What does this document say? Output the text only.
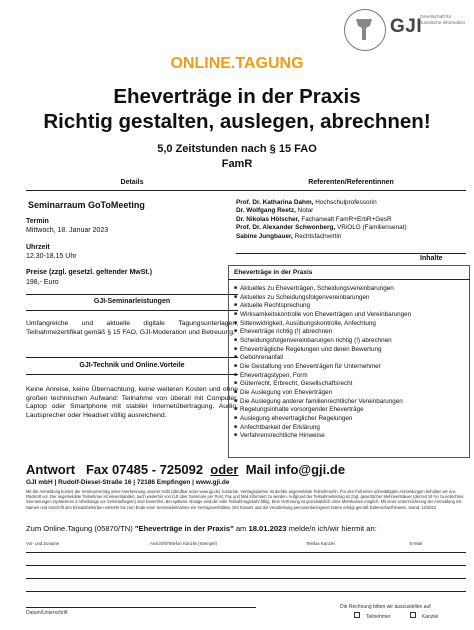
GJI
Gesellschaft für Juristische Information
ONLINE.TAGUNG
Eheverträge in der Praxis
Richtig gestalten, auslegen, abrechnen!
5,0 Zeitstunden nach § 15 FAO
FamR
Details	Referenten/Referentinnen
Seminarraum GoToMeeting
Termin
Mittwoch, 18. Januar 2023
Uhrzeit
12.30-18.15 Uhr
Preise (zzgl. gesetzl. geltender MwSt.)
198,- Euro
GJI-Seminarleistungen
Umfangreiche und aktuelle digitale Tagungsunterlagen, Teilnahmezertifikat gemäß § 15 FAO, GJI-Moderation und Betreuung.
GJI-Technik und Online.Vorteile
Keine Anreise, keine Übernachtung, keine weiteren Kosten und ohne großen technischen Aufwand: Teilnahme von überall mit Computer, Laptop oder Smartphone mit stabiler Internetübertragung. Audio, Lautsprecher oder Headset völlig ausreichend.
Prof. Dr. Katharina Dahm, Hochschulprofessorin
Dr. Wolfgang Reetz, Notar
Dr. Nikolas Hölscher, Fachanwalt FamR+ErbR+GesR
Prof. Dr. Alexander Schwonberg, VRiOLG (Familiensenat)
Sabine Jungbauer, Rechtsfachwirtin
Inhalte
Eheverträge in der Praxis
■ Aktuelles zu Eheverträgen, Scheidungsvereinbarungen
■ Aktuelles zu Scheidungsfolgenvereinbarungen
■ Aktuelle Rechtsprechung
■ Wirksamkeitskontrolle von Eheverträgen und Vereinbarungen
■ Sittenwidrigkeit, Ausübungskontrolle, Anfechtung
■ Eheverträge richtig (!) abrechnen
■ Scheidungsfolgenvereinbarungen richtig (!) abrechnen
■ Eheverträgliche Regelungen und deren Bewertung
■ Gebührenanfall
■ Die Gestaltung von Eheverträgen für Unternehmer
■ Ehevertragstypen, Form
■ Güterrecht, Erbrecht, Gesellschaftsrecht
■ Die Auslegung von Eheverträgen
■ Die Auslegung anderer familienrechtlicher Vereinbarungen
■ Regelungsinhalte vorsorgender Eheverträge
■ Auslegung ehevertraglicher Regelungen
■ Anfechtbarkeit der Erklärung
■ Verfahrensrechtliche Hinweise
Antwort Fax 07485 - 725092 oder Mail info@gji.de
GJI mbH | Rudolf-Diesel-Straße 16 | 72186 Empfingen | www.gji.de
Mit der Anmeldung kommt der Seminarvertrag unter Anerkennung unserer AGB (abrufbar unter www.gji.de) zustande. Vertragspartner ist der/die angemeldete Teilnehmer/in. Für den Fall eines unbestätigten Anmeldungen behalten wir uns Rücktritt vor. Der angemeldete Teilnehmer ist einverstanden, auch weiterhin von GJI über Seminare per Post, Fax und Mail informiert zu werden. Aufgrund der Teilnahmebeitrag ist zzgl. gesetzlicher Mehrwertsteuer (derzeit 19 %) zu entrichten. Stornierungen (spätestens 3 Arbeitstage vor Seminarbeginn) sind kostenfrei. Bei späterer Absage wird die volle Teilnahmegebühr fällig. Eine Vertretung ist grundsätzlich ohne Mehrkosten möglich. Mit einer Unterzeichnung der Anmeldung mit Namen und Anschrift des Einsatzbehörden entsteht bis zum Ende einer Seminarteilnahme ein Vertragsverhältnis. Der Einsatz und die Verarbeitung personenbezogener Daten erfolgt gemäß Datenschutzhinweis. Stand: 12/2022
Zum Online.Tagung (05870/TN) "Eheverträge in der Praxis" am 18.01.2023 melde/n ich/wir hiermit an:
Vor- und Zuname	Anschrift/Telefon Kanzlei (Stempel)	Telefax Kanzlei	E-Mail
Datum/Unterschrift
Die Rechnung bitten wir auszustellen auf
Teilnehmer	Kanzlei
